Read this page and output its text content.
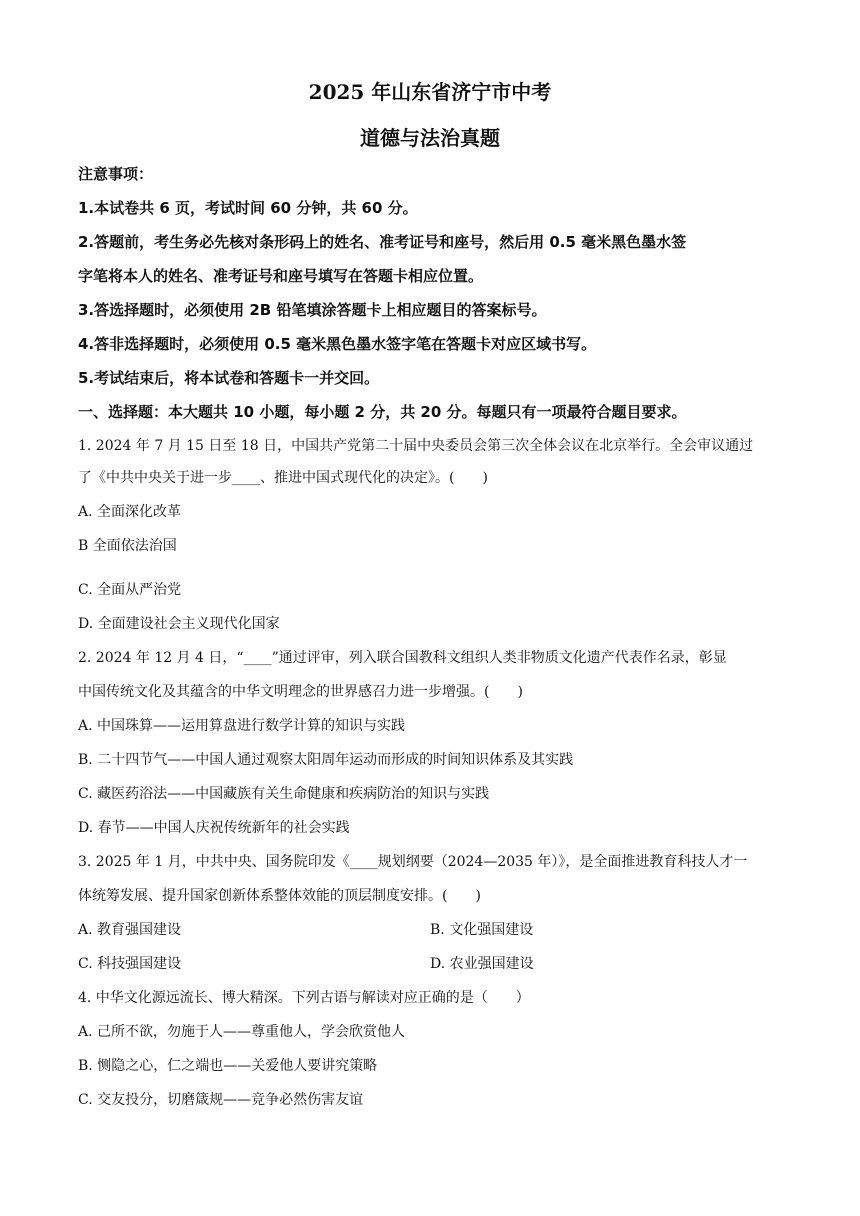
2025 年山东省济宁市中考
道德与法治真题
注意事项：
1.本试卷共 6 页，考试时间 60 分钟，共 60 分。
2.答题前，考生务必先核对条形码上的姓名、准考证号和座号，然后用 0.5 毫米黑色墨水签
字笔将本人的姓名、准考证号和座号填写在答题卡相应位置。
3.答选择题时，必须使用 2B 铅笔填涂答题卡上相应题目的答案标号。
4.答非选择题时，必须使用 0.5 毫米黑色墨水签字笔在答题卡对应区域书写。
5.考试结束后，将本试卷和答题卡一并交回。
一、选择题：本大题共 10 小题，每小题 2 分，共 20 分。每题只有一项最符合题目要求。
1. 2024 年 7 月 15 日至 18 日，中国共产党第二十届中央委员会第三次全体会议在北京举行。全会审议通过
了《中共中央关于进一步____、推进中国式现代化的决定》。(　　)
A. 全面深化改革
B 全面依法治国
C. 全面从严治党
D. 全面建设社会主义现代化国家
2. 2024 年 12 月 4 日，“____”通过评审，列入联合国教科文组织人类非物质文化遗产代表作名录，彰显
中国传统文化及其蕴含的中华文明理念的世界感召力进一步增强。(　　)
A. 中国珠算——运用算盘进行数学计算的知识与实践
B. 二十四节气——中国人通过观察太阳周年运动而形成的时间知识体系及其实践
C. 藏医药浴法——中国藏族有关生命健康和疾病防治的知识与实践
D. 春节——中国人庆祝传统新年的社会实践
3. 2025 年 1 月，中共中央、国务院印发《____规划纲要（2024—2035 年）》，是全面推进教育科技人才一
体统筹发展、提升国家创新体系整体效能的顶层制度安排。(　　)
A. 教育强国建设	B. 文化强国建设
C. 科技强国建设	D. 农业强国建设
4. 中华文化源远流长、博大精深。下列古语与解读对应正确的是（　　）
A. 己所不欲，勿施于人——尊重他人，学会欣赏他人
B. 恻隐之心，仁之端也——关爱他人要讲究策略
C. 交友投分，切磨箴规——竞争必然伤害友谊
